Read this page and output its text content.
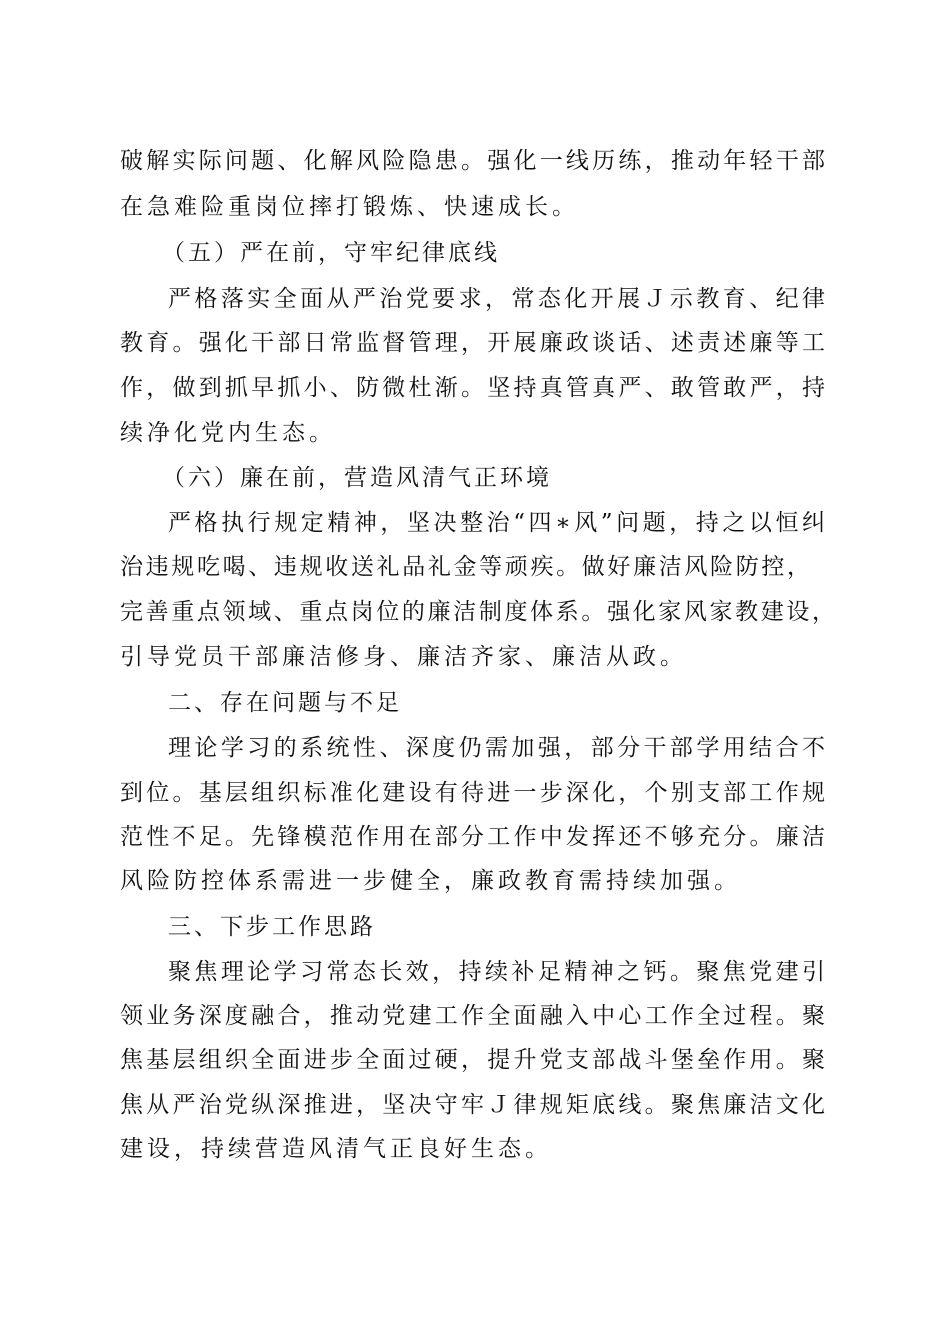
破解实际问题、化解风险隐患。强化一线历练，推动年轻干部
在急难险重岗位摔打锻炼、快速成长。
（五）严在前，守牢纪律底线
严格落实全面从严治党要求，常态化开展Ｊ示教育、纪律
教育。强化干部日常监督管理，开展廉政谈话、述责述廉等工
作，做到抓早抓小、防微杜渐。坚持真管真严、敢管敢严，持
续净化党内生态。
（六）廉在前，营造风清气正环境
严格执行规定精神，坚决整治“四∗风”问题，持之以恒纠
治违规吃喝、违规收送礼品礼金等顽疾。做好廉洁风险防控，
完善重点领域、重点岗位的廉洁制度体系。强化家风家教建设，
引导党员干部廉洁修身、廉洁齐家、廉洁从政。
二、存在问题与不足
理论学习的系统性、深度仍需加强，部分干部学用结合不
到位。基层组织标准化建设有待进一步深化，个别支部工作规
范性不足。先锋模范作用在部分工作中发挥还不够充分。廉洁
风险防控体系需进一步健全，廉政教育需持续加强。
三、下步工作思路
聚焦理论学习常态长效，持续补足精神之钙。聚焦党建引
领业务深度融合，推动党建工作全面融入中心工作全过程。聚
焦基层组织全面进步全面过硬，提升党支部战斗堡垒作用。聚
焦从严治党纵深推进，坚决守牢Ｊ律规矩底线。聚焦廉洁文化
建设，持续营造风清气正良好生态。
